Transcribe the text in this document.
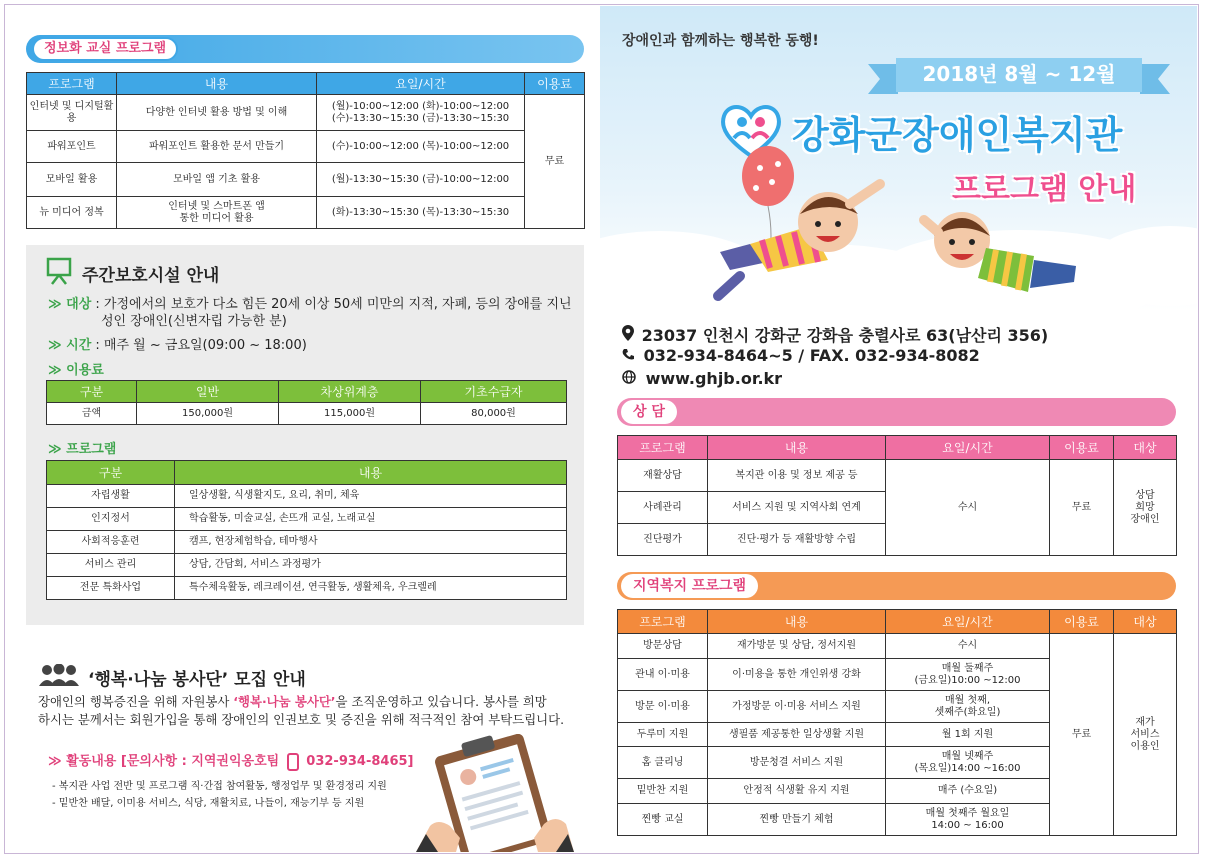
정보화 교실 프로그램
프로그램	내용	요일/시간	이용료
인터넷 및 디지털활용	다양한 인터넷 활용 방법 및 이해	(월)-10:00~12:00 (화)-10:00~12:00
(수)-13:30~15:30 (금)-13:30~15:30	무료
파워포인트	파워포인트 활용한 문서 만들기	(수)-10:00~12:00 (목)-10:00~12:00	
모바일 활용	모바일 앱 기초 활용	(월)-13:30~15:30 (금)-10:00~12:00	
뉴 미디어 정복	인터넷 및 스마트폰 앱
통한 미디어 활용	(화)-13:30~15:30 (목)-13:30~15:30	
주간보호시설 안내
≫ 대상 : 가정에서의 보호가 다소 힘든 20세 이상 50세 미만의 지적, 자폐, 등의 장애를 지닌
성인 장애인(신변자립 가능한 분)
≫ 시간 : 매주 월 ~ 금요일(09:00 ~ 18:00)
≫ 이용료
구분	일반	차상위계층	기초수급자
금액	150,000원	115,000원	80,000원
≫ 프로그램
구분	내용
자립생활	일상생활, 식생활지도, 요리, 취미, 체육
인지정서	학습활동, 미술교실, 손뜨개 교실, 노래교실
사회적응훈련	캠프, 현장체험학습, 테마행사
서비스 관리	상담, 간담회, 서비스 과정평가
전문 특화사업	특수체육활동, 레크레이션, 연극활동, 생활체육, 우크렐레
‘행복·나눔 봉사단’ 모집 안내
장애인의 행복증진을 위해 자원봉사 ‘행복·나눔 봉사단’을 조직운영하고 있습니다. 봉사를 희망
하시는 분께서는 회원가입을 통해 장애인의 인권보호 및 증진을 위해 적극적인 참여 부탁드립니다.
≫ 활동내용 [문의사항 : 지역권익옹호팀 032-934-8465]
- 복지관 사업 전반 및 프로그램 직·간접 참여활동, 행정업무 및 환경정리 지원
- 밑반찬 배달, 이미용 서비스, 식당, 재활치료, 나들이, 재능기부 등 지원
장애인과 함께하는 행복한 동행!
2018년 8월 ~ 12월
강화군장애인복지관
프로그램 안내
23037 인천시 강화군 강화읍 충렬사로 63(남산리 356)
032-934-8464~5 / FAX. 032-934-8082
www.ghjb.or.kr
상 담
프로그램	내용	요일/시간	이용료	대상
재활상담	복지관 이용 및 정보 제공 등	수시	무료	상담
희망
장애인
사례관리	서비스 지원 및 지역사회 연계			
진단평가	진단·평가 등 재활방향 수립			
지역복지 프로그램
프로그램	내용	요일/시간	이용료	대상
방문상담	재가방문 및 상담, 정서지원	수시	무료	재가
서비스
이용인
관내 이·미용	이·미용을 통한 개인위생 강화	매월 둘째주
(금요일)10:00 ~12:00		
방문 이·미용	가정방문 이·미용 서비스 지원	매월 첫째,
셋째주(화요일)		
두루미 지원	생필품 제공통한 일상생활 지원	월 1회 지원		
홈 클리닝	방문청결 서비스 지원	매월 넷째주
(목요일)14:00 ~16:00		
밑반찬 지원	안정적 식생활 유지 지원	매주 (수요일)		
찐빵 교실	찐빵 만들기 체험	매월 첫째주 월요일
14:00 ~ 16:00		
